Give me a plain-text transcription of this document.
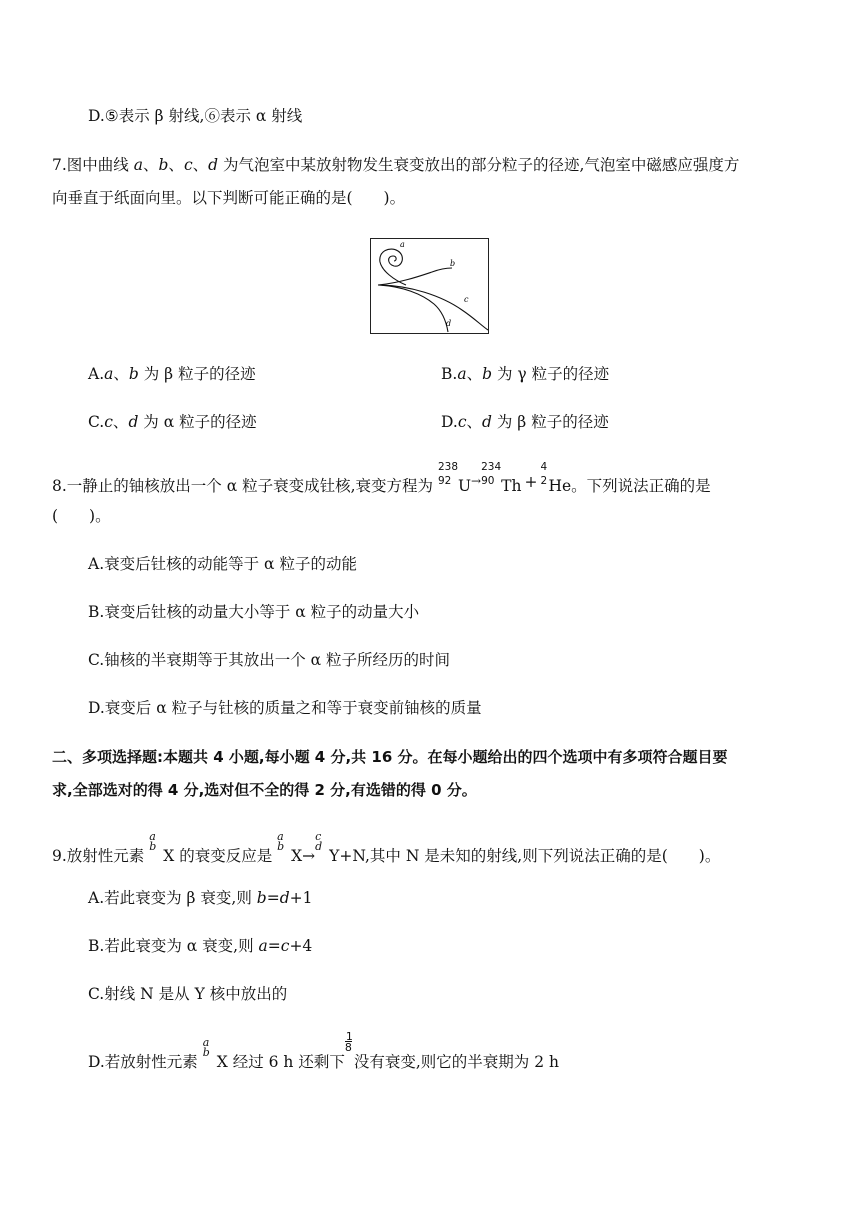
D.⑤表示 β 射线,⑥表示 α 射线
7.图中曲线 a、b、c、d 为气泡室中某放射物发生衰变放出的部分粒子的径迹,气泡室中磁感应强度方
向垂直于纸面向里。以下判断可能正确的是(　　)。
a
b
c
d
A.a、b 为 β 粒子的径迹	B.a、b 为 γ 粒子的径迹
C.c、d 为 α 粒子的径迹	D.c、d 为 β 粒子的径迹
8.一静止的铀核放出一个 α 粒子衰变成钍核,衰变方程为
238
92 U→
234
90 Th +
4
2 He。下列说法正确的是
(　　)。
A.衰变后钍核的动能等于 α 粒子的动能
B.衰变后钍核的动量大小等于 α 粒子的动量大小
C.铀核的半衰期等于其放出一个 α 粒子所经历的时间
D.衰变后 α 粒子与钍核的质量之和等于衰变前铀核的质量
二、多项选择题:本题共 4 小题,每小题 4 分,共 16 分。在每小题给出的四个选项中有多项符合题目要
求,全部选对的得 4 分,选对但不全的得 2 分,有选错的得 0 分。
9.放射性元素
a
b
X 的衰变反应是
a
b
X→
c
d
Y+N,其中 N 是未知的射线,则下列说法正确的是(　　)。
A.若此衰变为 β 衰变,则 b=d+1
B.若此衰变为 α 衰变,则 a=c+4
C.射线 N 是从 Y 核中放出的
D.若放射性元素
a
b
X 经过 6 h 还剩下
1
8
没有衰变,则它的半衰期为 2 h
